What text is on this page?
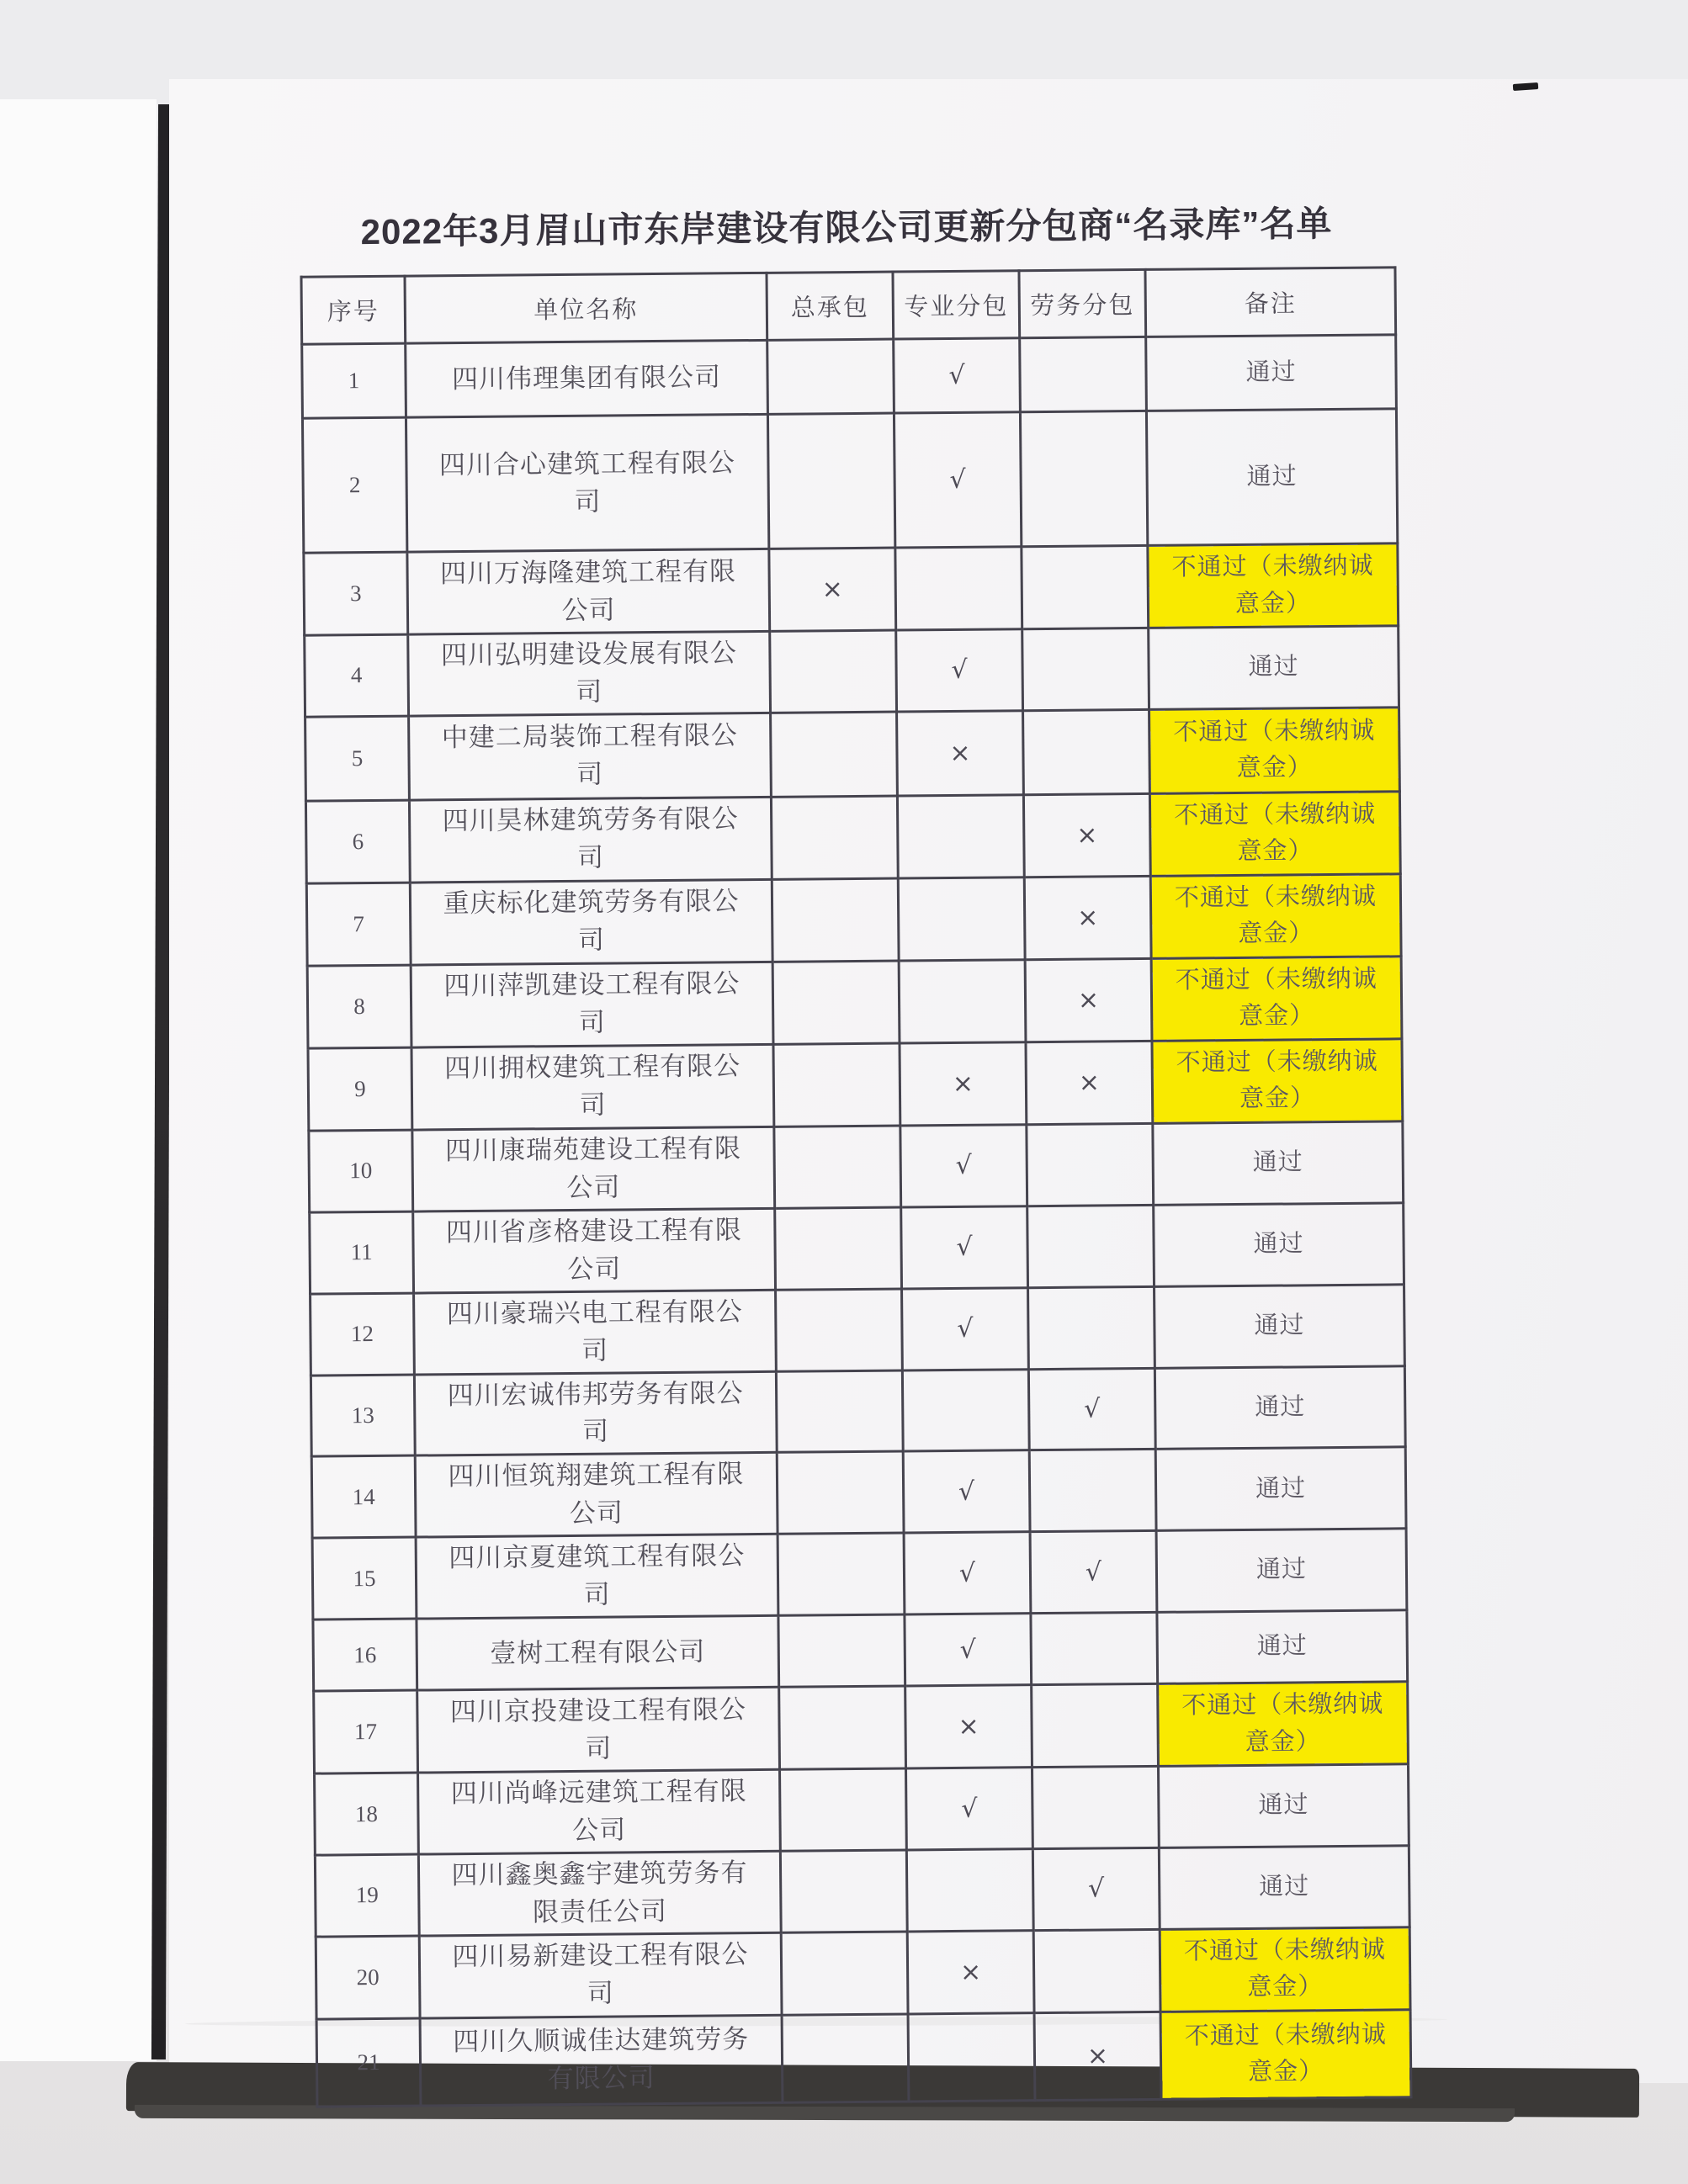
2022年3月眉山市东岸建设有限公司更新分包商“名录库”名单
序号	单位名称	总承包	专业分包	劳务分包	备注
1	四川伟理集团有限公司		√		通过
2	四川合心建筑工程有限公司		√		通过
3	四川万海隆建筑工程有限公司	×			不通过（未缴纳诚意金）
4	四川弘明建设发展有限公司		√		通过
5	中建二局装饰工程有限公司		×		不通过（未缴纳诚意金）
6	四川昊林建筑劳务有限公司			×	不通过（未缴纳诚意金）
7	重庆标化建筑劳务有限公司			×	不通过（未缴纳诚意金）
8	四川萍凯建设工程有限公司			×	不通过（未缴纳诚意金）
9	四川拥权建筑工程有限公司		×	×	不通过（未缴纳诚意金）
10	四川康瑞苑建设工程有限公司		√		通过
11	四川省彦格建设工程有限公司		√		通过
12	四川豪瑞兴电工程有限公司		√		通过
13	四川宏诚伟邦劳务有限公司			√	通过
14	四川恒筑翔建筑工程有限公司		√		通过
15	四川京夏建筑工程有限公司		√	√	通过
16	壹树工程有限公司		√		通过
17	四川京投建设工程有限公司		×		不通过（未缴纳诚意金）
18	四川尚峰远建筑工程有限公司		√		通过
19	四川鑫奥鑫宇建筑劳务有限责任公司			√	通过
20	四川易新建设工程有限公司		×		不通过（未缴纳诚意金）
21	四川久顺诚佳达建筑劳务有限公司			×	不通过（未缴纳诚意金）
